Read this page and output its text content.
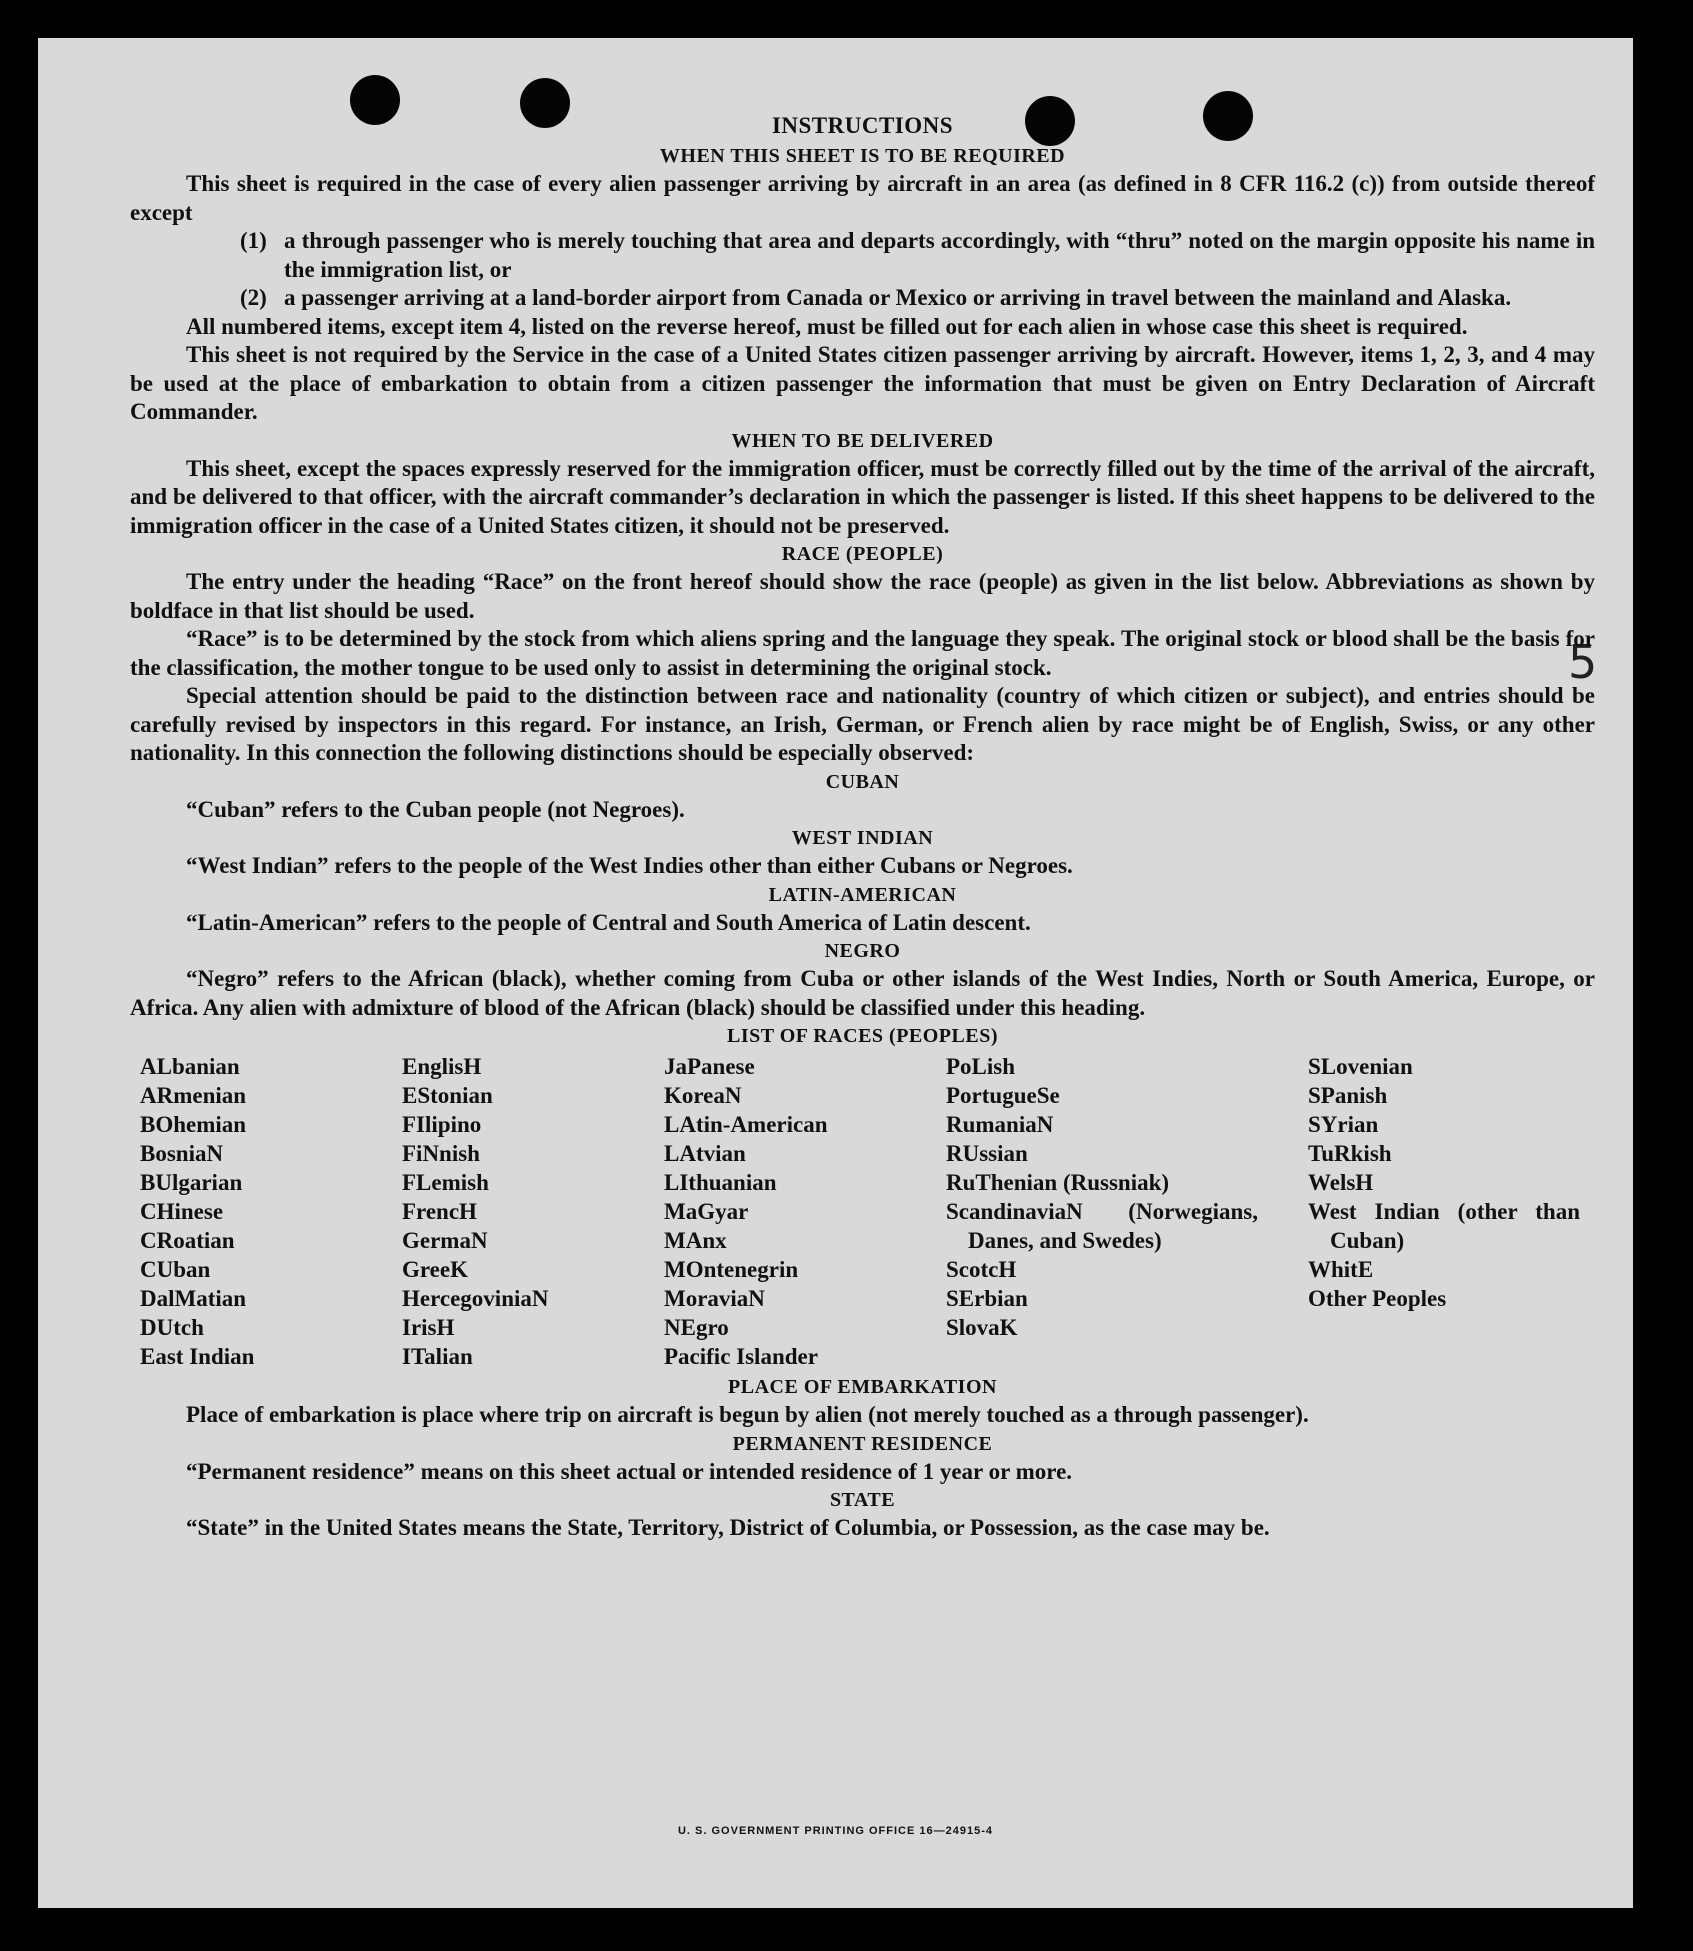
5
INSTRUCTIONS
WHEN THIS SHEET IS TO BE REQUIRED

This sheet is required in the case of every alien passenger arriving by aircraft in an area (as defined in 8 CFR 116.2 (c)) from outside thereof except

(1) a through passenger who is merely touching that area and departs accordingly, with “thru” noted on the margin opposite his name in the immigration list, or

(2) a passenger arriving at a land-border airport from Canada or Mexico or arriving in travel between the mainland and Alaska.

All numbered items, except item 4, listed on the reverse hereof, must be filled out for each alien in whose case this sheet is required.

This sheet is not required by the Service in the case of a United States citizen passenger arriving by aircraft. However, items 1, 2, 3, and 4 may be used at the place of embarkation to obtain from a citizen passenger the information that must be given on Entry Declaration of Aircraft Commander.

WHEN TO BE DELIVERED

This sheet, except the spaces expressly reserved for the immigration officer, must be correctly filled out by the time of the arrival of the aircraft, and be delivered to that officer, with the aircraft commander’s declaration in which the passenger is listed. If this sheet happens to be delivered to the immigration officer in the case of a United States citizen, it should not be preserved.

RACE (PEOPLE)

The entry under the heading “Race” on the front hereof should show the race (people) as given in the list below. Abbreviations as shown by boldface in that list should be used.

“Race” is to be determined by the stock from which aliens spring and the language they speak. The original stock or blood shall be the basis for the classification, the mother tongue to be used only to assist in determining the original stock.

Special attention should be paid to the distinction between race and nationality (country of which citizen or subject), and entries should be carefully revised by inspectors in this regard. For instance, an Irish, German, or French alien by race might be of English, Swiss, or any other nationality. In this connection the following distinctions should be especially observed:

CUBAN

“Cuban” refers to the Cuban people (not Negroes).

WEST INDIAN

“West Indian” refers to the people of the West Indies other than either Cubans or Negroes.

LATIN-AMERICAN

“Latin-American” refers to the people of Central and South America of Latin descent.

NEGRO

“Negro” refers to the African (black), whether coming from Cuba or other islands of the West Indies, North or South America, Europe, or Africa. Any alien with admixture of blood of the African (black) should be classified under this heading.

LIST OF RACES (PEOPLES)
ALbanian
ARmenian
BOhemian
BosniaN
BUlgarian
CHinese
CRoatian
CUban
DalMatian
DUtch
East Indian
EnglisH
EStonian
FIlipino
FiNnish
FLemish
FrencH
GermaN
GreeK
HercegoviniaN
IrisH
ITalian
JaPanese
KoreaN
LAtin-American
LAtvian
LIthuanian
MaGyar
MAnx
MOntenegrin
MoraviaN
NEgro
Pacific Islander
PoLish
PortugueSe
RumaniaN
RUssian
RuThenian (Russniak)
ScandinaviaN (Norwegians, Danes, and Swedes)
ScotcH
SErbian
SlovaK
SLovenian
SPanish
SYrian
TuRkish
WelsH
West Indian (other than Cuban)
WhitE
Other Peoples
PLACE OF EMBARKATION

Place of embarkation is place where trip on aircraft is begun by alien (not merely touched as a through passenger).

PERMANENT RESIDENCE

“Permanent residence” means on this sheet actual or intended residence of 1 year or more.

STATE

“State” in the United States means the State, Territory, District of Columbia, or Possession, as the case may be.

U. S. GOVERNMENT PRINTING OFFICE 16—24915-4
